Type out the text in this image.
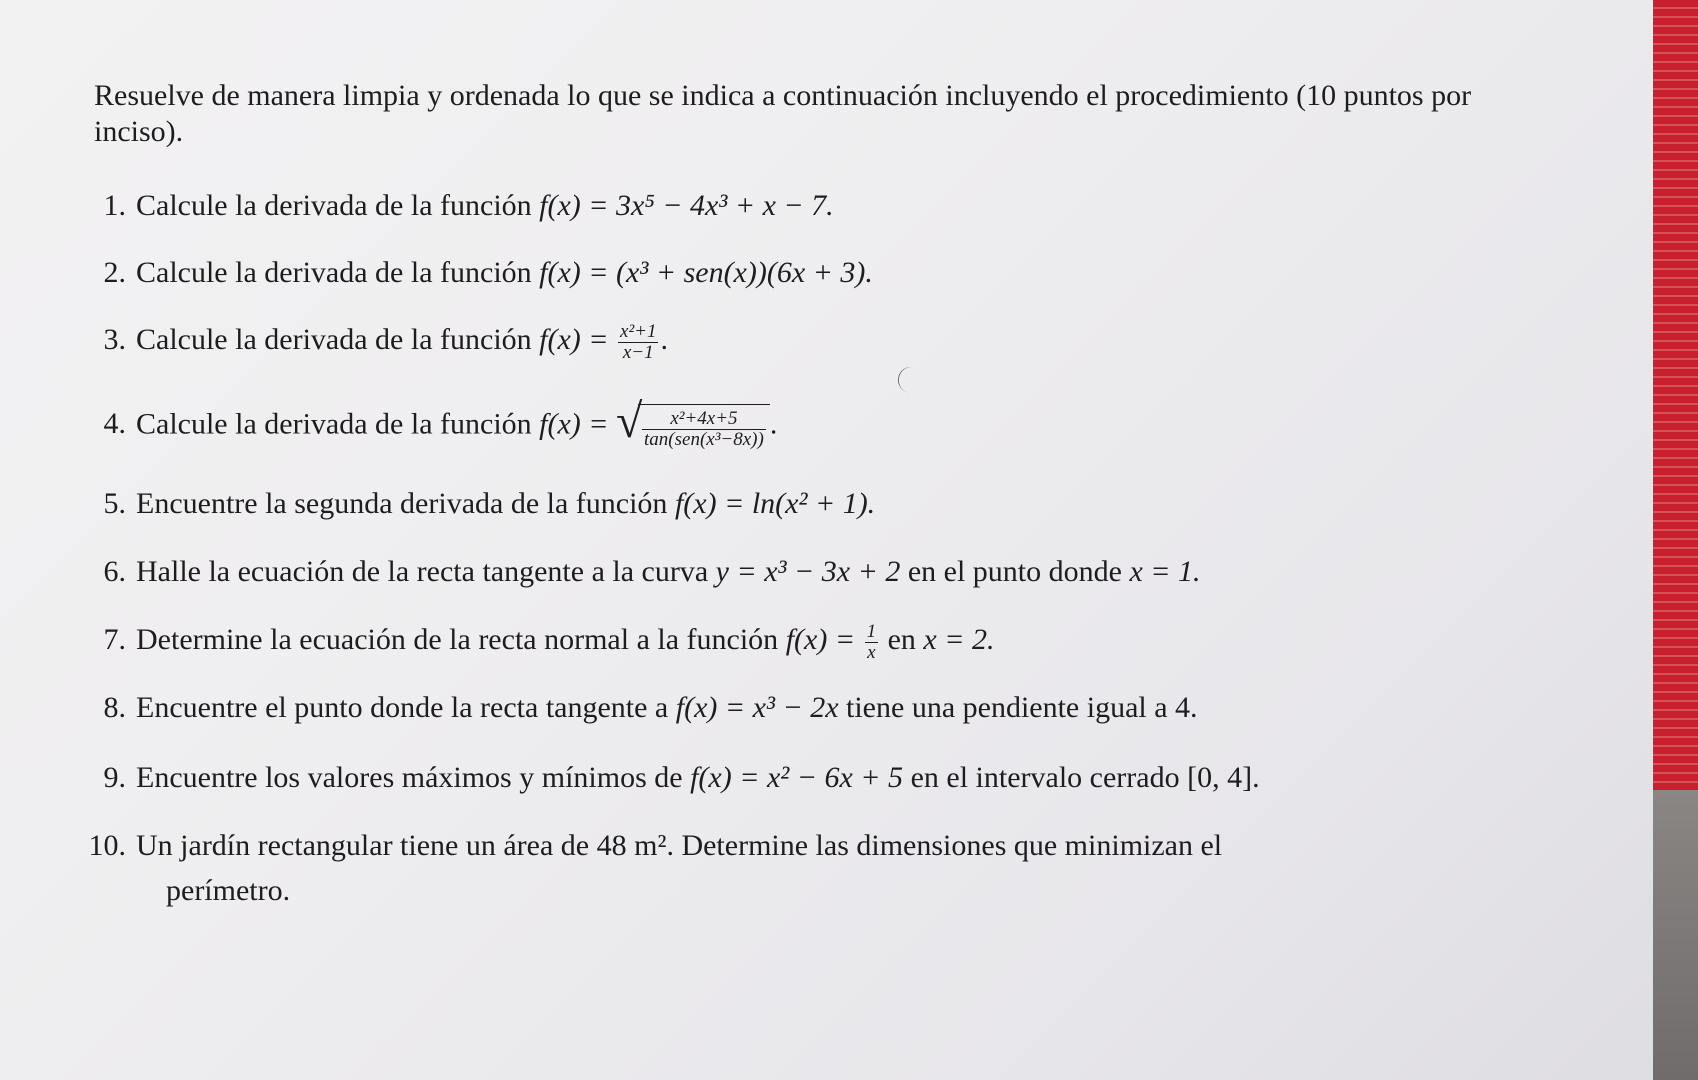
Resuelve de manera limpia y ordenada lo que se indica a continuación incluyendo el procedimiento (10 puntos por inciso).
1. Calcule la derivada de la función f(x) = 3x⁵ − 4x³ + x − 7.
2. Calcule la derivada de la función f(x) = (x³ + sen(x))(6x + 3).
3. Calcule la derivada de la función $f(x) = \frac{\text{x²+1}}{x-1}$ .
4. Calcule la derivada de la función f(x) = √ $\frac{\text{x²+4x+5}}{\text{tan(sen(x³−8x))}}$ .
5. Encuentre la segunda derivada de la función f(x) = ln(x² + 1).
6. Halle la ecuación de la recta tangente a la curva y = x³ − 3x + 2 en el punto donde x = 1.
7. Determine la ecuación de la recta normal a la función $f(x) = \frac{1}{x}$ en x = 2.
8. Encuentre el punto donde la recta tangente a f(x) = x³ − 2x tiene una pendiente igual a 4.
9. Encuentre los valores máximos y mínimos de f(x) = x² − 6x + 5 en el intervalo cerrado [0, 4].
10. Un jardín rectangular tiene un área de 48 m². Determine las dimensiones que minimizan el
perímetro.
